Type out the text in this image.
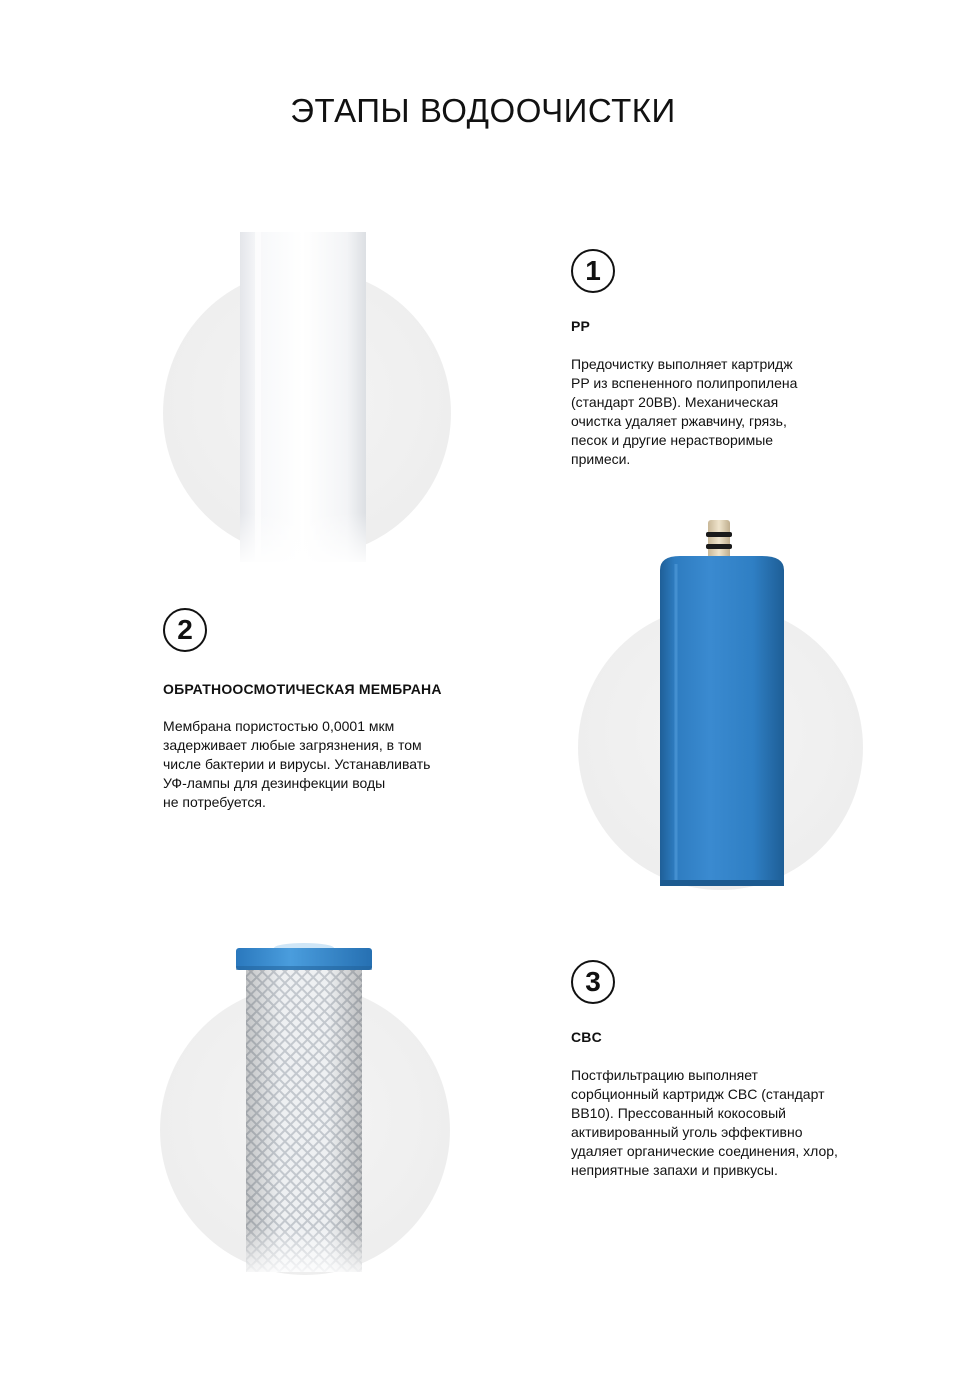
ЭТАПЫ ВОДООЧИСТКИ
1
PP
Предочистку выполняет картридж
PP из вспененного полипропилена
(стандарт 20BB). Механическая
очистка удаляет ржавчину, грязь,
песок и другие нерастворимые
примеси.
2
ОБРАТНООСМОТИЧЕСКАЯ МЕМБРАНА
Мембрана пористостью 0,0001 мкм
задерживает любые загрязнения, в том
числе бактерии и вирусы. Устанавливать
УФ-лампы для дезинфекции воды
не потребуется.
3
CBC
Постфильтрацию выполняет
сорбционный картридж CBC (стандарт
BB10). Прессованный кокосовый
активированный уголь эффективно
удаляет органические соединения, хлор,
неприятные запахи и привкусы.
